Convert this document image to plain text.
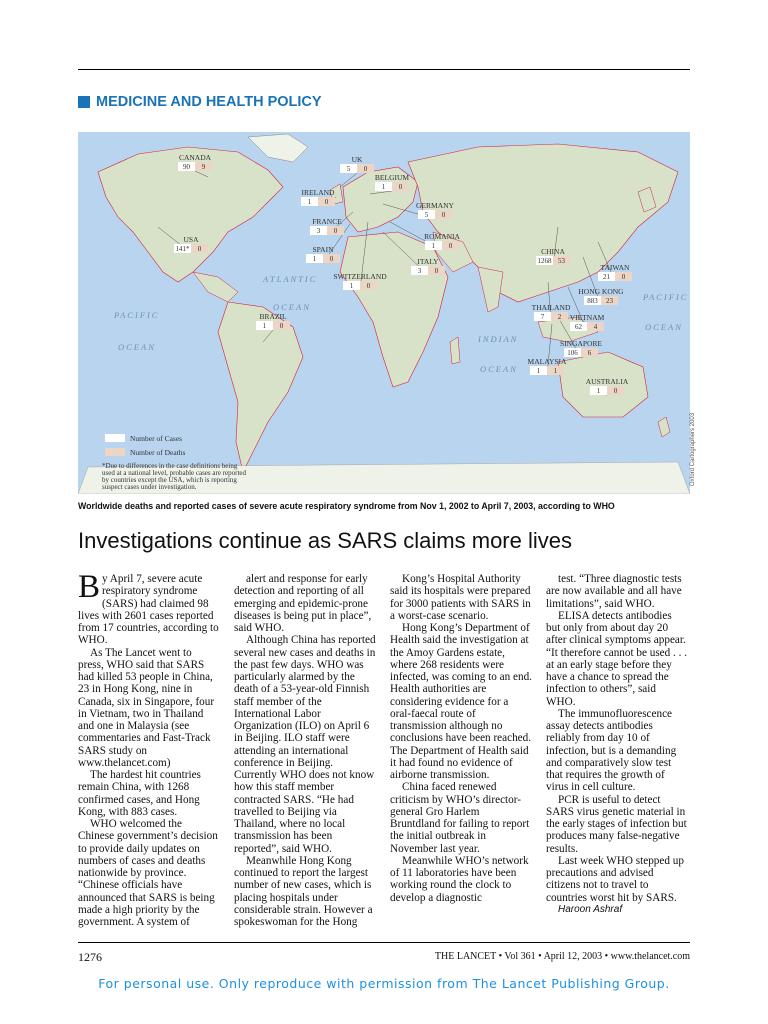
MEDICINE AND HEALTH POLICY
CANADA
90 9
UK
5 0
BELGIUM
1 0
IRELAND
1 0	GERMANY
5 0
FRANCE
3 0
USA
141* 0
ROMANIA
1 0
SPAIN
1 0	ITALY
3 0
SWITZERLAND
1 0
CHINA
1268 53
TAIWAN
21 0
HONG KONG
883 23
THAILAND
7 2 VIETNAM
62 4
SINGAPORE
106 6
MALAYSIA
1 1
BRAZIL
1 0
AUSTRALIA
1 0
ATLANTIC
OCEAN
PACIFIC
OCEAN
INDIAN
OCEAN
PACIFIC
OCEAN
Number of Cases
Number of Deaths
*Due to differences in the case definitions being
used at a national level, probable cases are reported
by countries except the USA, which is reporting
suspect cases under investigation.
Oxford Cartographers 2003
Worldwide deaths and reported cases of severe acute respiratory syndrome from Nov 1, 2002 to April 7, 2003, according to WHO
Investigations continue as SARS claims more lives
B y April 7, severe acute respiratory syndrome (SARS) had claimed 98 lives with 2601 cases reported from 17 countries, according to WHO.

As The Lancet went to press, WHO said that SARS had killed 53 people in China, 23 in Hong Kong, nine in Canada, six in Singapore, four in Vietnam, two in Thailand and one in Malaysia (see commentaries and Fast-Track SARS study on www.thelancet.com)

The hardest hit countries remain China, with 1268 confirmed cases, and Hong Kong, with 883 cases.

WHO welcomed the Chinese government’s decision to provide daily updates on numbers of cases and deaths nationwide by province. “Chinese officials have announced that SARS is being made a high priority by the government. A system of

alert and response for early detection and reporting of all emerging and epidemic-prone diseases is being put in place”, said WHO.

Although China has reported several new cases and deaths in the past few days. WHO was particularly alarmed by the death of a 53-year-old Finnish staff member of the International Labor Organization (ILO) on April 6 in Beijing. ILO staff were attending an international conference in Beijing. Currently WHO does not know how this staff member contracted SARS. “He had travelled to Beijing via Thailand, where no local transmission has been reported”, said WHO.

Meanwhile Hong Kong continued to report the largest number of new cases, which is placing hospitals under considerable strain. However a spokeswoman for the Hong

Kong’s Hospital Authority said its hospitals were prepared for 3000 patients with SARS in a worst-case scenario.

Hong Kong’s Department of Health said the investigation at the Amoy Gardens estate, where 268 residents were infected, was coming to an end. Health authorities are considering evidence for a oral-faecal route of transmission although no conclusions have been reached. The Department of Health said it had found no evidence of airborne transmission.

China faced renewed criticism by WHO’s director-general Gro Harlem Bruntdland for failing to report the initial outbreak in November last year.

Meanwhile WHO’s network of 11 laboratories have been working round the clock to develop a diagnostic

test. “Three diagnostic tests are now available and all have limitations”, said WHO.

ELISA detects antibodies but only from about day 20 after clinical symptoms appear. “It therefore cannot be used . . . at an early stage before they have a chance to spread the infection to others”, said WHO.

The immunofluorescence assay detects antibodies reliably from day 10 of infection, but is a demanding and comparatively slow test that requires the growth of virus in cell culture.

PCR is useful to detect SARS virus genetic material in the early stages of infection but produces many false-negative results.

Last week WHO stepped up precautions and advised citizens not to travel to countries worst hit by SARS.

Haroon Ashraf

1276	THE LANCET • Vol 361 • April 12, 2003 • www.thelancet.com
For personal use. Only reproduce with permission from The Lancet Publishing Group.
